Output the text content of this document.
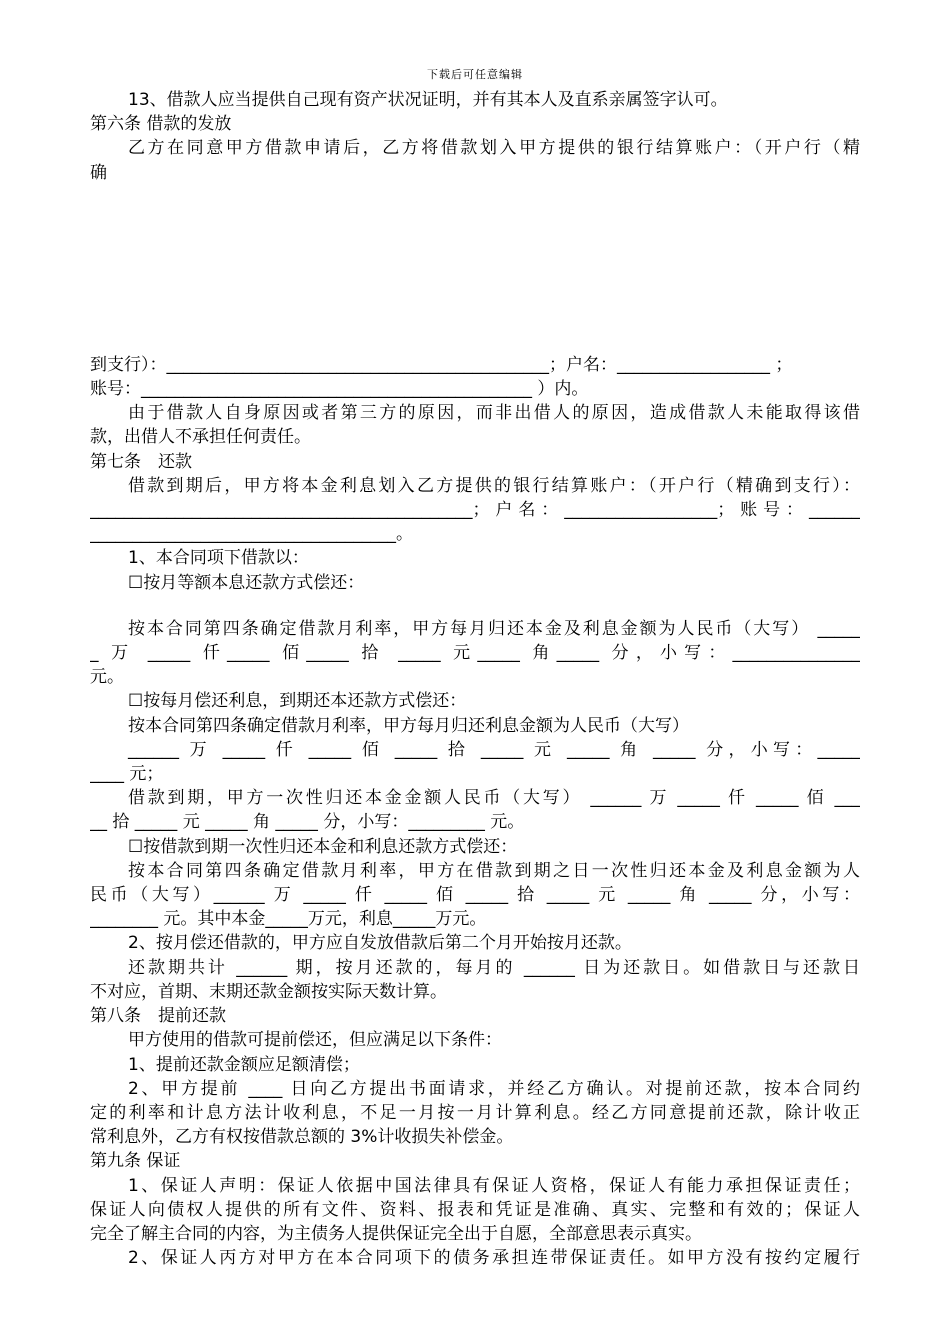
下载后可任意编辑
13、借款人应当提供自己现有资产状况证明，并有其本人及直系亲属签字认可。
第六条 借款的发放
乙方在同意甲方借款申请后，乙方将借款划入甲方提供的银行结算账户：（开户行（精
确
到支行）：_____________________________________________；户名：__________________ ；
账号：______________________________________________ ）内。
由于借款人自身原因或者第三方的原因，而非出借人的原因，造成借款人未能取得该借
款，出借人不承担任何责任。
第七条　还款
借款到期后，甲方将本金利息划入乙方提供的银行结算账户：（开户行（精确到支行）：
_____________________________________________；户名：__________________；账号：______
____________________________________。
1、本合同项下借款以：
☐按月等额本息还款方式偿还：
按本合同第四条确定借款月利率，甲方每月归还本金及利息金额为人民币（大写） _____
_ 万 _____ 仟_____ 佰_____ 拾 _____ 元_____ 角_____ 分，小写：_______________
元。
☐按每月偿还利息，到期还本还款方式偿还：
按本合同第四条确定借款月利率，甲方每月归还利息金额为人民币（大写）
______ 万 _____ 仟 _____ 佰 _____ 拾 _____ 元 _____ 角 _____ 分，小写：_____
____ 元；
借款到期，甲方一次性归还本金金额人民币（大写） ______ 万 _____ 仟 _____ 佰 ___
__ 拾 _____ 元 _____ 角 _____ 分，小写：_________ 元。
☐按借款到期一次性归还本金和利息还款方式偿还：
按本合同第四条确定借款月利率，甲方在借款到期之日一次性归还本金及利息金额为人
民币（大写）______ 万 _____ 仟 _____ 佰 _____ 拾 _____ 元 _____ 角 _____ 分，小写：
________ 元。其中本金_____万元，利息_____万元。
2、按月偿还借款的，甲方应自发放借款后第二个月开始按月还款。
还款期共计 ______ 期，按月还款的，每月的 ______ 日为还款日。如借款日与还款日
不对应，首期、末期还款金额按实际天数计算。
第八条　提前还款
甲方使用的借款可提前偿还，但应满足以下条件：
1、提前还款金额应足额清偿；
2、甲方提前 ____ 日向乙方提出书面请求，并经乙方确认。对提前还款，按本合同约
定的利率和计息方法计收利息，不足一月按一月计算利息。经乙方同意提前还款，除计收正
常利息外，乙方有权按借款总额的 3%计收损失补偿金。
第九条 保证
1、保证人声明：保证人依据中国法律具有保证人资格，保证人有能力承担保证责任；
保证人向债权人提供的所有文件、资料、报表和凭证是准确、真实、完整和有效的；保证人
完全了解主合同的内容，为主债务人提供保证完全出于自愿，全部意思表示真实。
2、保证人丙方对甲方在本合同项下的债务承担连带保证责任。如甲方没有按约定履行
